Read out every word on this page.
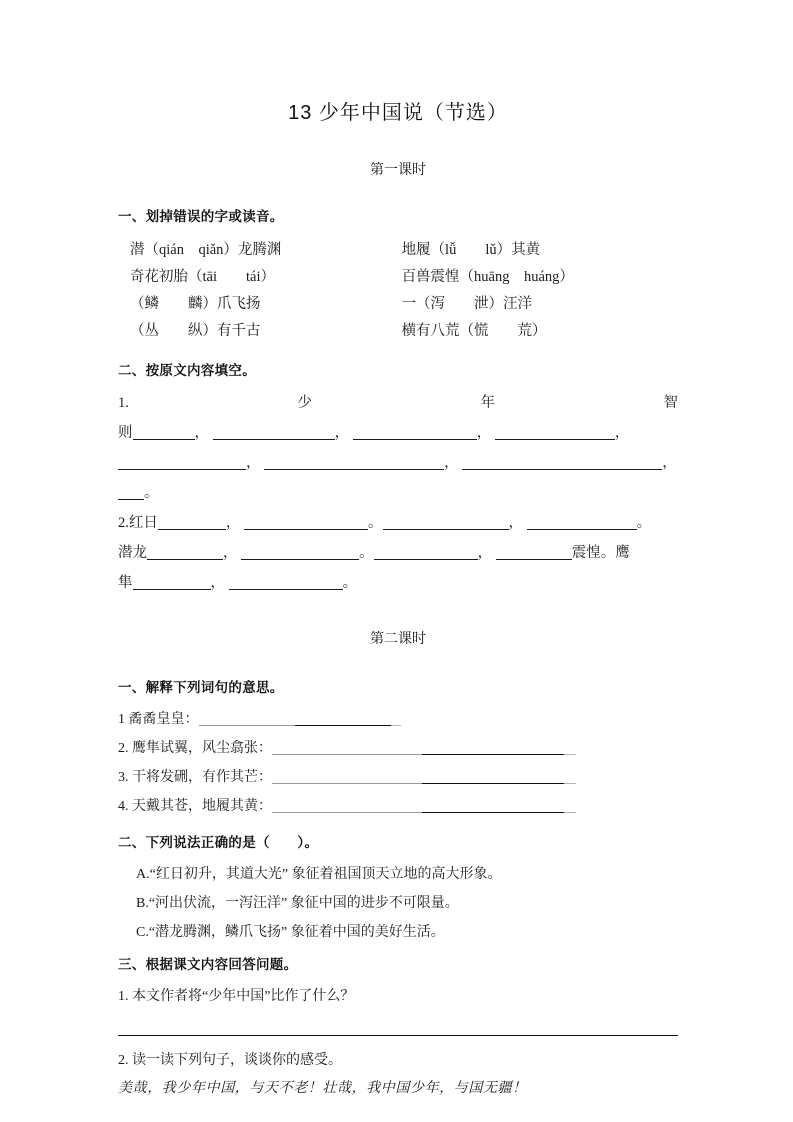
13 少年中国说（节选）
第一课时
一、划掉错误的字或读音。
潜（qián　qiǎn）龙腾渊	地履（lǚ　　lǔ）其黄
奇花初胎（tāi　　tái）	百兽震惶（huāng　huáng）
（鳞　　麟）爪飞扬	一（泻　　泄）汪洋
（丛　　纵）有千古	横有八荒（慌　　荒）
二、按原文内容填空。
1.	少	年	智
则	，	，	，	，
，	，	，
。
2.红日	，	。	，	。
潜龙	，	。	，	震惶。鹰
隼	，	。
第二课时
一、解释下列词句的意思。
1 矞矞皇皇：
2. 鹰隼试翼，风尘翕张：
3. 干将发硎，有作其芒：
4. 天戴其苍，地履其黄：
二、下列说法正确的是（　　）。
A.“红日初升，其道大光” 象征着祖国顶天立地的高大形象。
B.“河出伏流，一泻汪洋” 象征中国的进步不可限量。
C.“潜龙腾渊，鳞爪飞扬” 象征着中国的美好生活。
三、根据课文内容回答问题。
1. 本文作者将“少年中国”比作了什么？
2. 读一读下列句子，谈谈你的感受。
美哉，我少年中国，与天不老！壮哉，我中国少年，与国无疆！
